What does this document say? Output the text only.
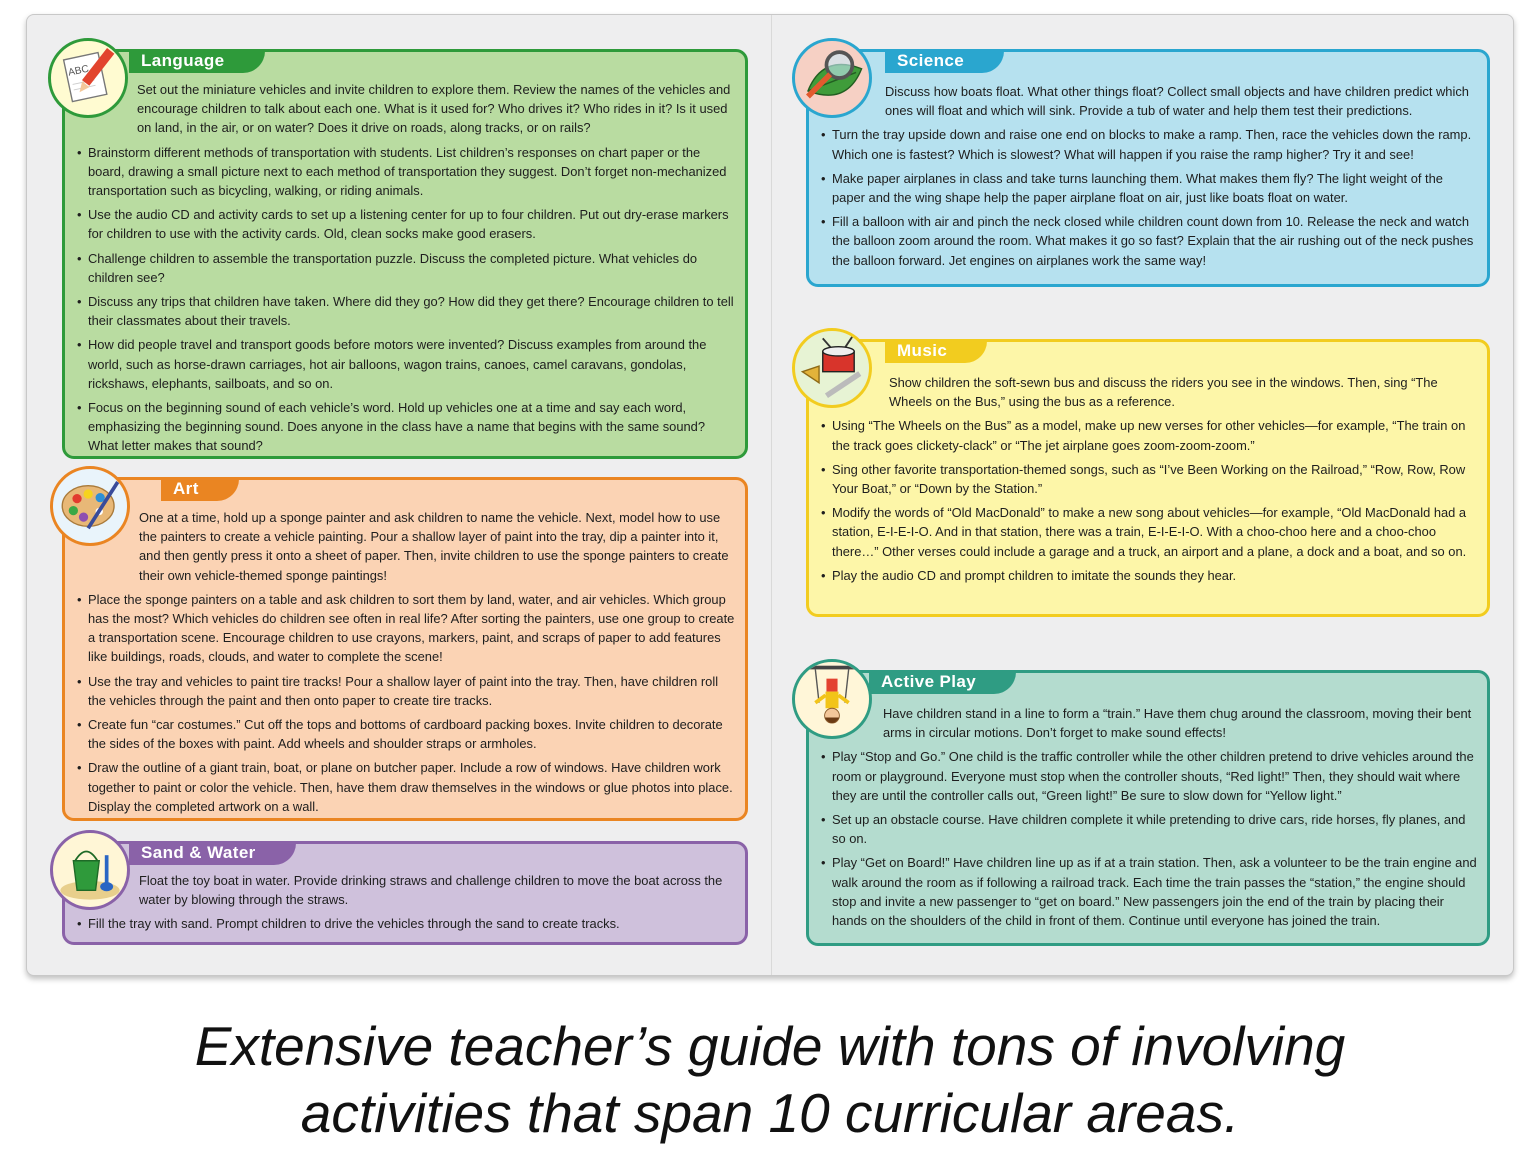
Language
Set out the miniature vehicles and invite children to explore them. Review the names of the vehicles and encourage children to talk about each one. What is it used for? Who drives it? Who rides in it? Is it used on land, in the air, or on water? Does it drive on roads, along tracks, or on rails?
• Brainstorm different methods of transportation with students. List children’s responses on chart paper or the board, drawing a small picture next to each method of transportation they suggest. Don’t forget non-mechanized transportation such as bicycling, walking, or riding animals.
• Use the audio CD and activity cards to set up a listening center for up to four children. Put out dry-erase markers for children to use with the activity cards. Old, clean socks make good erasers.
• Challenge children to assemble the transportation puzzle. Discuss the completed picture. What vehicles do children see?
• Discuss any trips that children have taken. Where did they go? How did they get there? Encourage children to tell their classmates about their travels.
• How did people travel and transport goods before motors were invented? Discuss examples from around the world, such as horse-drawn carriages, hot air balloons, wagon trains, canoes, camel caravans, gondolas, rickshaws, elephants, sailboats, and so on.
• Focus on the beginning sound of each vehicle’s word. Hold up vehicles one at a time and say each word, emphasizing the beginning sound. Does anyone in the class have a name that begins with the same sound? What letter makes that sound?
ABC
Art
One at a time, hold up a sponge painter and ask children to name the vehicle. Next, model how to use the painters to create a vehicle painting. Pour a shallow layer of paint into the tray, dip a painter into it, and then gently press it onto a sheet of paper. Then, invite children to use the sponge painters to create their own vehicle-themed sponge paintings!
• Place the sponge painters on a table and ask children to sort them by land, water, and air vehicles. Which group has the most? Which vehicles do children see often in real life? After sorting the painters, use one group to create a transportation scene. Encourage children to use crayons, markers, paint, and scraps of paper to add features like buildings, roads, clouds, and water to complete the scene!
• Use the tray and vehicles to paint tire tracks! Pour a shallow layer of paint into the tray. Then, have children roll the vehicles through the paint and then onto paper to create tire tracks.
• Create fun “car costumes.” Cut off the tops and bottoms of cardboard packing boxes. Invite children to decorate the sides of the boxes with paint. Add wheels and shoulder straps or armholes.
• Draw the outline of a giant train, boat, or plane on butcher paper. Include a row of windows. Have children work together to paint or color the vehicle. Then, have them draw themselves in the windows or glue photos into place. Display the completed artwork on a wall.
Sand & Water
Float the toy boat in water. Provide drinking straws and challenge children to move the boat across the water by blowing through the straws.
• Fill the tray with sand. Prompt children to drive the vehicles through the sand to create tracks.
Science
Discuss how boats float. What other things float? Collect small objects and have children predict which ones will float and which will sink. Provide a tub of water and help them test their predictions.
• Turn the tray upside down and raise one end on blocks to make a ramp. Then, race the vehicles down the ramp. Which one is fastest? Which is slowest? What will happen if you raise the ramp higher? Try it and see!
• Make paper airplanes in class and take turns launching them. What makes them fly? The light weight of the paper and the wing shape help the paper airplane float on air, just like boats float on water.
• Fill a balloon with air and pinch the neck closed while children count down from 10. Release the neck and watch the balloon zoom around the room. What makes it go so fast? Explain that the air rushing out of the neck pushes the balloon forward. Jet engines on airplanes work the same way!
Music
Show children the soft-sewn bus and discuss the riders you see in the windows. Then, sing “The Wheels on the Bus,” using the bus as a reference.
• Using “The Wheels on the Bus” as a model, make up new verses for other vehicles—for example, “The train on the track goes clickety-clack” or “The jet airplane goes zoom-zoom-zoom.”
• Sing other favorite transportation-themed songs, such as “I’ve Been Working on the Railroad,” “Row, Row, Row Your Boat,” or “Down by the Station.”
• Modify the words of “Old MacDonald” to make a new song about vehicles—for example, “Old MacDonald had a station, E-I-E-I-O. And in that station, there was a train, E-I-E-I-O. With a choo-choo here and a choo-choo there…” Other verses could include a garage and a truck, an airport and a plane, a dock and a boat, and so on.
• Play the audio CD and prompt children to imitate the sounds they hear.
Active Play
Have children stand in a line to form a “train.” Have them chug around the classroom, moving their bent arms in circular motions. Don’t forget to make sound effects!
• Play “Stop and Go.” One child is the traffic controller while the other children pretend to drive vehicles around the room or playground. Everyone must stop when the controller shouts, “Red light!” Then, they should wait where they are until the controller calls out, “Green light!” Be sure to slow down for “Yellow light.”
• Set up an obstacle course. Have children complete it while pretending to drive cars, ride horses, fly planes, and so on.
• Play “Get on Board!” Have children line up as if at a train station. Then, ask a volunteer to be the train engine and walk around the room as if following a railroad track. Each time the train passes the “station,” the engine should stop and invite a new passenger to “get on board.” New passengers join the end of the train by placing their hands on the shoulders of the child in front of them. Continue until everyone has joined the train.
Extensive teacher’s guide with tons of involving
activities that span 10 curricular areas.
